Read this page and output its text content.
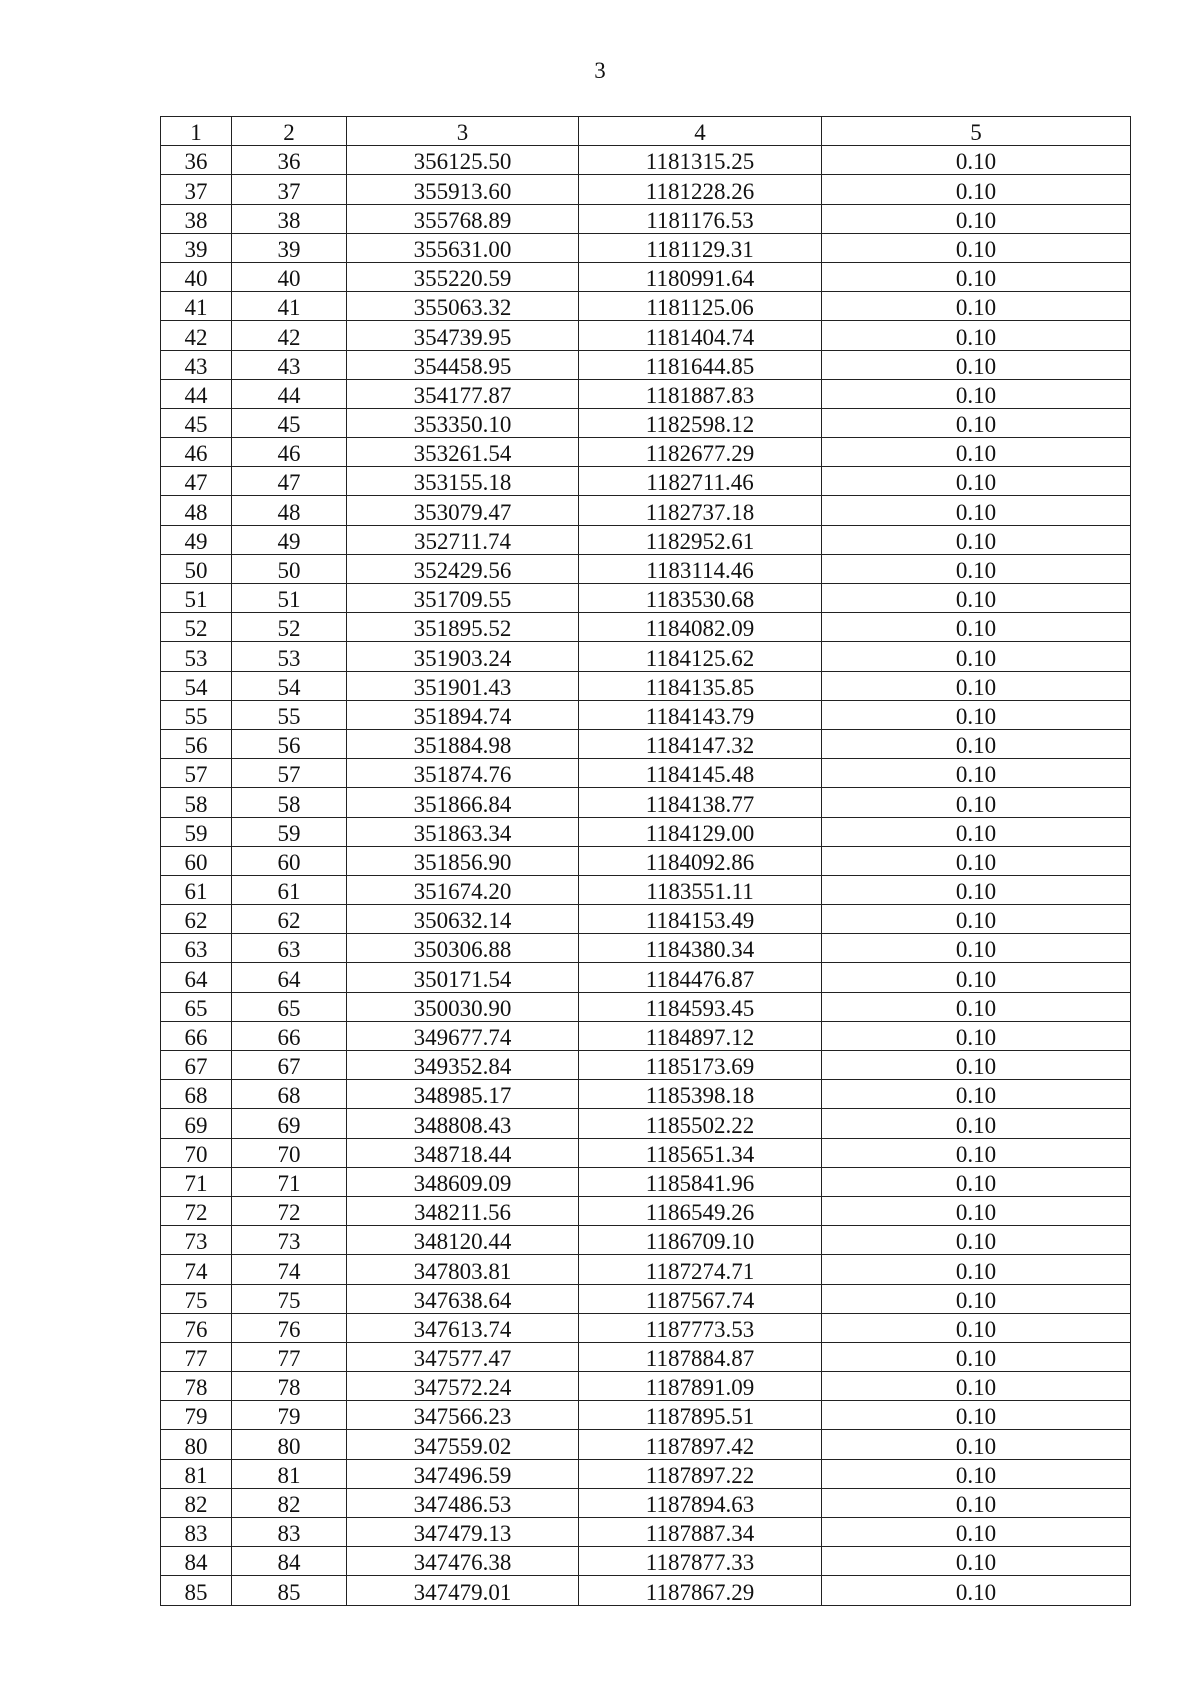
3
1	2	3	4	5
36	36	356125.50	1181315.25	0.10
37	37	355913.60	1181228.26	0.10
38	38	355768.89	1181176.53	0.10
39	39	355631.00	1181129.31	0.10
40	40	355220.59	1180991.64	0.10
41	41	355063.32	1181125.06	0.10
42	42	354739.95	1181404.74	0.10
43	43	354458.95	1181644.85	0.10
44	44	354177.87	1181887.83	0.10
45	45	353350.10	1182598.12	0.10
46	46	353261.54	1182677.29	0.10
47	47	353155.18	1182711.46	0.10
48	48	353079.47	1182737.18	0.10
49	49	352711.74	1182952.61	0.10
50	50	352429.56	1183114.46	0.10
51	51	351709.55	1183530.68	0.10
52	52	351895.52	1184082.09	0.10
53	53	351903.24	1184125.62	0.10
54	54	351901.43	1184135.85	0.10
55	55	351894.74	1184143.79	0.10
56	56	351884.98	1184147.32	0.10
57	57	351874.76	1184145.48	0.10
58	58	351866.84	1184138.77	0.10
59	59	351863.34	1184129.00	0.10
60	60	351856.90	1184092.86	0.10
61	61	351674.20	1183551.11	0.10
62	62	350632.14	1184153.49	0.10
63	63	350306.88	1184380.34	0.10
64	64	350171.54	1184476.87	0.10
65	65	350030.90	1184593.45	0.10
66	66	349677.74	1184897.12	0.10
67	67	349352.84	1185173.69	0.10
68	68	348985.17	1185398.18	0.10
69	69	348808.43	1185502.22	0.10
70	70	348718.44	1185651.34	0.10
71	71	348609.09	1185841.96	0.10
72	72	348211.56	1186549.26	0.10
73	73	348120.44	1186709.10	0.10
74	74	347803.81	1187274.71	0.10
75	75	347638.64	1187567.74	0.10
76	76	347613.74	1187773.53	0.10
77	77	347577.47	1187884.87	0.10
78	78	347572.24	1187891.09	0.10
79	79	347566.23	1187895.51	0.10
80	80	347559.02	1187897.42	0.10
81	81	347496.59	1187897.22	0.10
82	82	347486.53	1187894.63	0.10
83	83	347479.13	1187887.34	0.10
84	84	347476.38	1187877.33	0.10
85	85	347479.01	1187867.29	0.10
